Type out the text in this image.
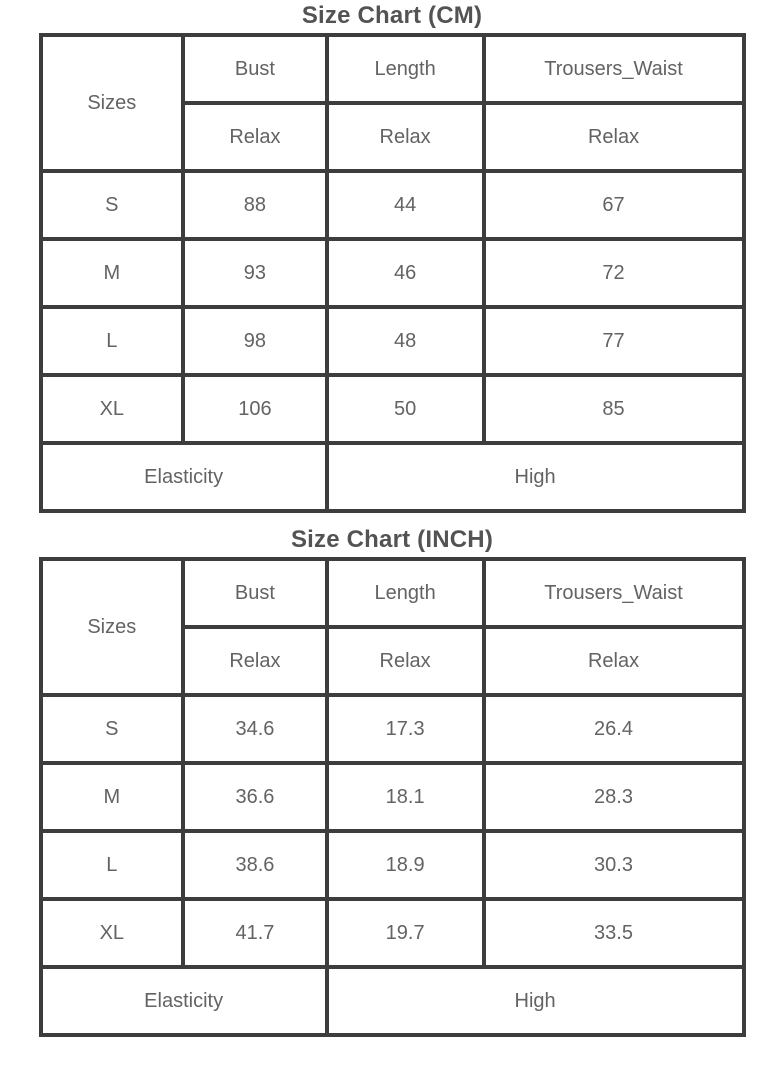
Size Chart (CM)
Sizes	Bust	Length	Trousers_Waist
	Relax	Relax	Relax
S	88	44	67
M	93	46	72
L	98	48	77
XL	106	50	85
Elasticity		High	
Size Chart (INCH)
Sizes	Bust	Length	Trousers_Waist
	Relax	Relax	Relax
S	34.6	17.3	26.4
M	36.6	18.1	28.3
L	38.6	18.9	30.3
XL	41.7	19.7	33.5
Elasticity		High	
